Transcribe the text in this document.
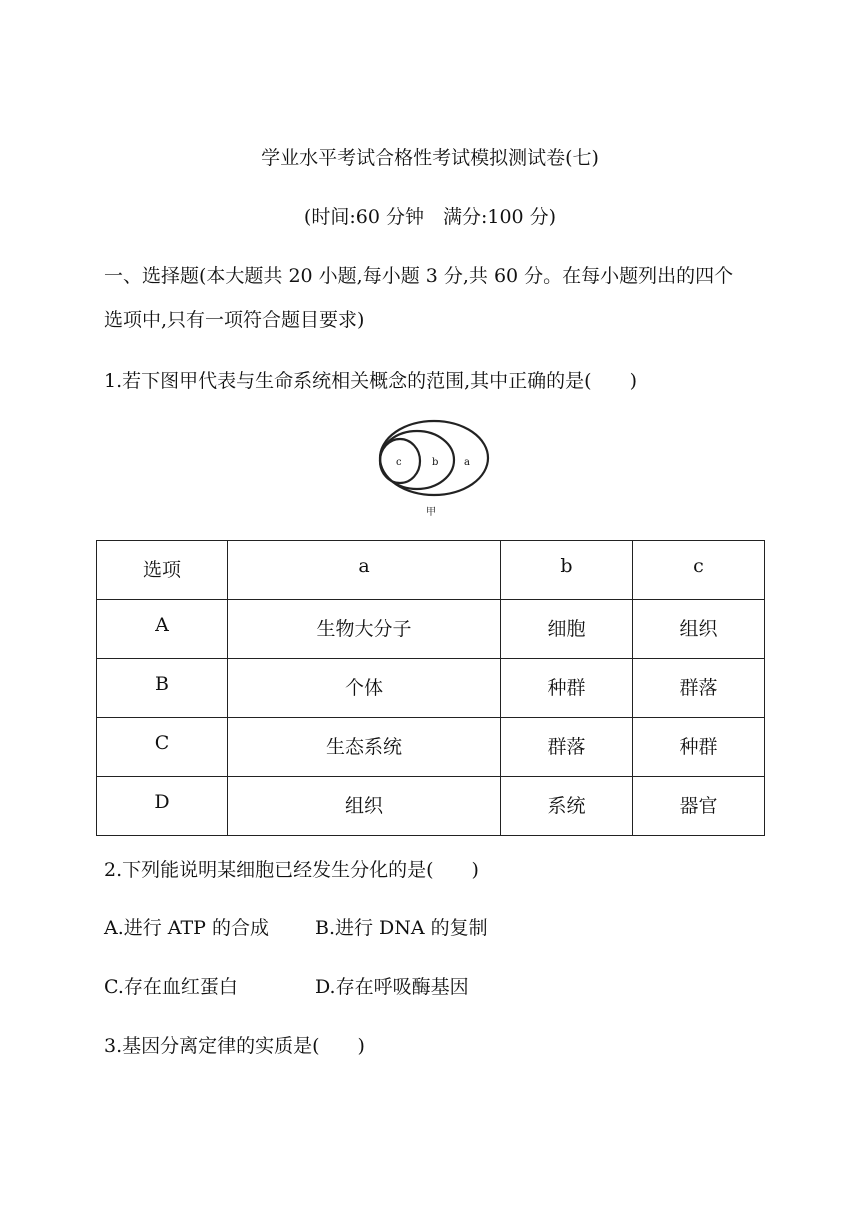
学业水平考试合格性考试模拟测试卷(七)
(时间:60 分钟　满分:100 分)
一、选择题(本大题共 20 小题,每小题 3 分,共 60 分。在每小题列出的四个
选项中,只有一项符合题目要求)
1.若下图甲代表与生命系统相关概念的范围,其中正确的是(　　)
c	b	a
甲
选项	a	b	c
A	生物大分子	细胞	组织
B	个体	种群	群落
C	生态系统	群落	种群
D	组织	系统	器官
2.下列能说明某细胞已经发生分化的是(　　)
A.进行 ATP 的合成 B.进行 DNA 的复制
C.存在血红蛋白	D.存在呼吸酶基因
3.基因分离定律的实质是(　　)
